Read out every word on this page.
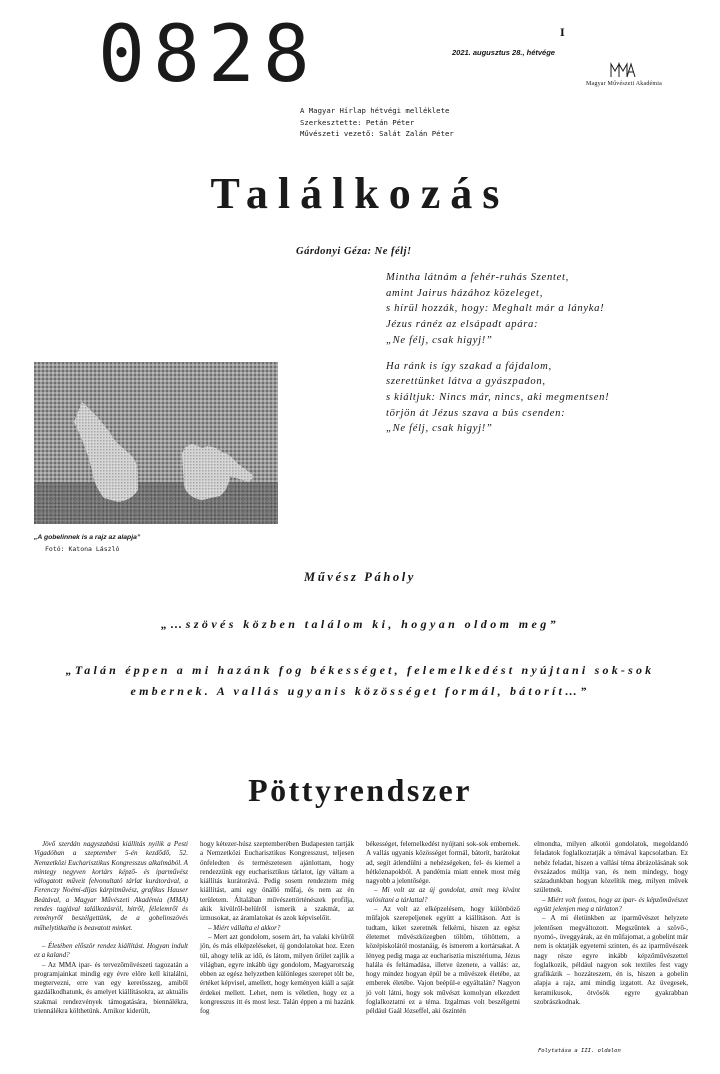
0828	I
2021. augusztus 28., hétvége
Magyar Művészeti Akadémia
A Magyar Hírlap hétvégi melléklete
Szerkesztette: Petán Péter
Művészeti vezető: Salát Zalán Péter
Találkozás
Gárdonyi Géza: Ne félj!
Mintha látnám a fehér-ruhás Szentet,
amint Jairus házához közeleget,
s hírül hozzák, hogy: Meghalt már a lányka!
Jézus ránéz az elsápadt apára:
„Ne félj, csak higyj!”
Ha ránk is így szakad a fájdalom,
szerettünket látva a gyászpadon,
s kiáltjuk: Nincs már, nincs, aki megmentsen!
törjön át Jézus szava a bús csenden:
„Ne félj, csak higyj!”
„A gobelinnek is a rajz az alapja”
Fotó: Katona László
Művész Páholy
„…szövés közben találom ki, hogyan oldom meg”
„Talán éppen a mi hazánk fog békességet, felemelkedést nyújtani sok-sok embernek. A vallás ugyanis közösséget formál, bátorít…”
Pöttyrendszer

Jövő szerdán nagyszabású kiállítás nyílik a Pesti Vigadóban a szeptember 5-én kezdődő, 52. Nemzetközi Eucharisztikus Kongresszus alkalmából. A mintegy negyven kortárs képző- és iparművész válogatott műveit felvonultató tárlat kurátorával, a Ferenczy Noémi-díjas kárpitművész, grafikus Hauser Beátával, a Magyar Művészeti Akadémia (MMA) rendes tagjával találkozásról, hitről, félelemről és reményről beszélgettünk, de a gobelinszövés műhelytitkaiba is beavatott minket.

– Életében először rendez kiállítást. Hogyan indult ez a kaland?

– Az MMA ipar- és tervezőművészeti tagozatán a programjainkat mindig egy évre előre kell kitalálni, megtervezni, erre van egy keretösszeg, amiből gazdálkodhatunk, és amelyet kiállításokra, az aktuális szakmai rendezvények támogatására, biennálékra, triennálékra költhetünk. Amikor kiderült,

hogy kétezer-húsz szeptemberében Budapesten tartják a Nemzetközi Eucharisztikus Kongresszust, teljesen önfeledten és természetesen ajánlottam, hogy rendezzünk egy eucharisztikus tárlatot, így váltam a kiállítás kurátorává. Pedig sosem rendeztem még kiállítást, ami egy önálló műfaj, és nem az én területem. Általában művészettörténészek profilja, akik kívülről-belülről ismerik a szakmát, az izmusokat, az áramlatokat és azok képviselőit.

– Miért vállalta el akkor?

– Mert azt gondolom, sosem árt, ha valaki kívülről jön, és más elképzeléseket, új gondolatokat hoz. Ezen túl, ahogy telik az idő, és látom, milyen őrület zajlik a világban, egyre inkább úgy gondolom, Magyarország ebben az egész helyzetben különleges szerepet tölt be, értéket képvisel, amellett, hogy keményen kiáll a saját érdekei mellett. Lehet, nem is véletlen, hogy ez a kongresszus itt és most lesz. Talán éppen a mi hazánk fog

békességet, felemelkedést nyújtani sok-sok embernek. A vallás ugyanis közösséget formál, bátorít, barátokat ad, segít átlendülni a nehézségeken, fel- és kiemel a hétköznapokból. A pandémia miatt ennek most még nagyobb a jelentősége.

– Mi volt az az új gondolat, amit meg kívánt valósítani a tárlattal?

– Az volt az elképzelésem, hogy különböző műfajok szerepeljenek együtt a kiállításon. Azt is tudtam, kiket szeretnék felkérni, hiszen az egész életemet művészközegben töltöm, töltöttem, a középiskolától mostanáig, és ismerem a kortársakat. A lényeg pedig maga az eucharisztia misztériuma, Jézus halála és feltámadása, illetve üzenete, a vallás: az, hogy mindez hogyan épül be a művészek életébe, az emberek életébe. Vajon beépül-e egyáltalán? Nagyon jó volt látni, hogy sok művészt komolyan elkezdett foglalkoztatni ez a téma. Izgalmas volt beszélgetni például Gaál Józseffel, aki őszintén

elmondta, milyen alkotói gondolatok, megoldandó feladatok foglalkoztatják a témával kapcsolatban. Ez nehéz feladat, hiszen a vallási téma ábrázolásának sok évszázados múltja van, és nem mindegy, hogy századunkban hogyan közelítik meg, milyen művek születnek.

– Miért volt fontos, hogy az ipar- és képzőművészet együtt jelenjen meg a tárlaton?

– A mi életünkben az iparművészet helyzete jelentősen megváltozott. Megszűntek a szövő-, nyomó-, üveggyárak, az én műfajomat, a gobelint már nem is oktatják egyetemi szinten, és az iparművészek nagy része egyre inkább képzőművészettel foglalkozik, például nagyon sok textiles fest vagy grafikázik – hozzáteszem, én is, hiszen a gobelin alapja a rajz, ami mindig izgatott. Az üvegesek, keramikusok, ötvösök egyre gyakrabban szobrászkodnak.

Folytatása a III. oldalon
